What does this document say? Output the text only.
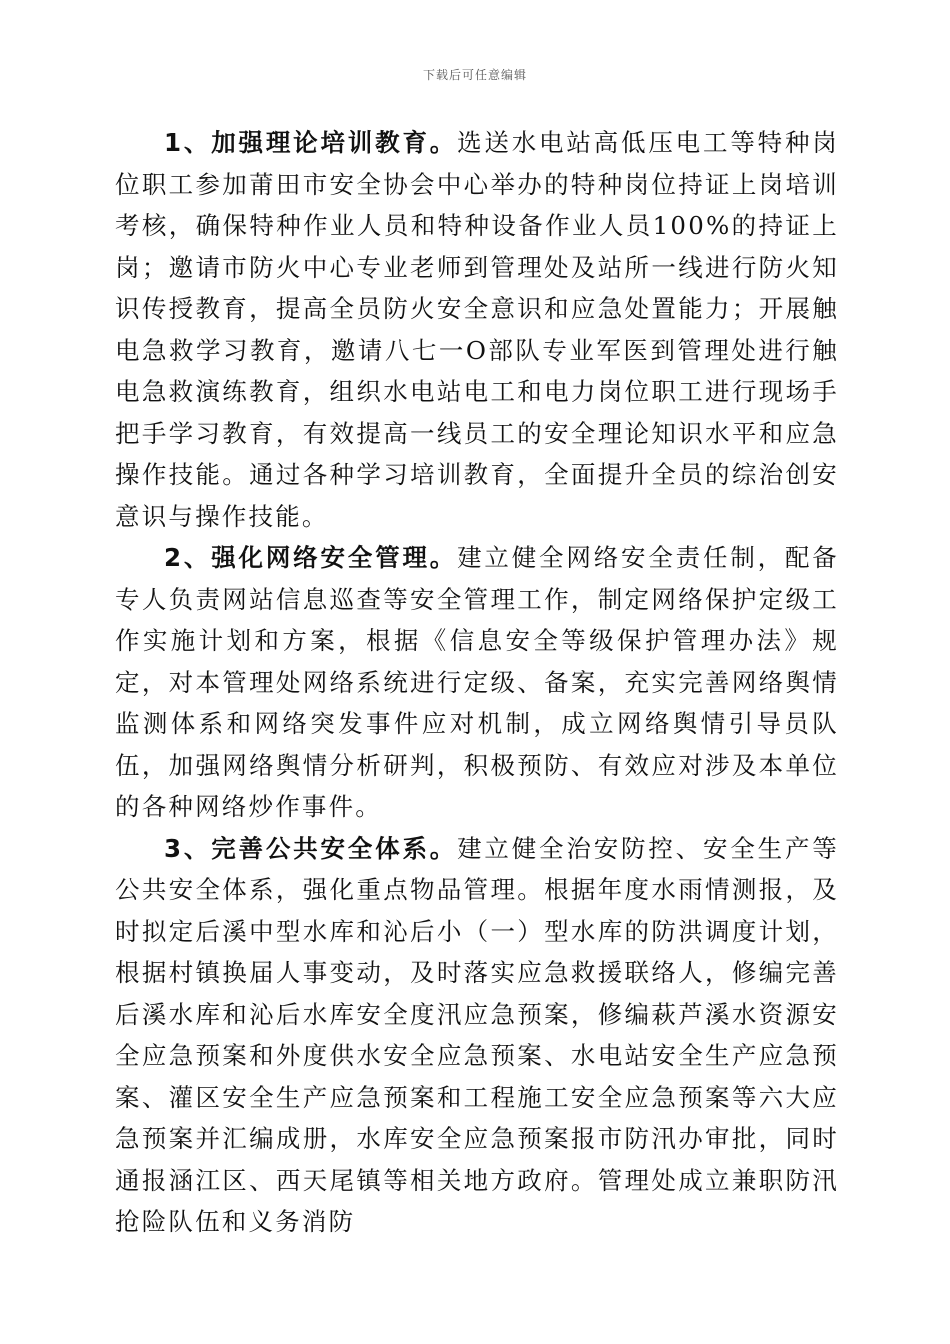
下载后可任意编辑

1、加强理论培训教育。选送水电站高低压电工等特种岗位职工参加莆田市安全协会中心举办的特种岗位持证上岗培训考核，确保特种作业人员和特种设备作业人员100%的持证上岗；邀请市防火中心专业老师到管理处及站所一线进行防火知识传授教育，提高全员防火安全意识和应急处置能力；开展触电急救学习教育，邀请八七一O部队专业军医到管理处进行触电急救演练教育，组织水电站电工和电力岗位职工进行现场手把手学习教育，有效提高一线员工的安全理论知识水平和应急操作技能。通过各种学习培训教育，全面提升全员的综治创安意识与操作技能。

2、强化网络安全管理。建立健全网络安全责任制，配备专人负责网站信息巡查等安全管理工作，制定网络保护定级工作实施计划和方案，根据《信息安全等级保护管理办法》规定，对本管理处网络系统进行定级、备案，充实完善网络舆情监测体系和网络突发事件应对机制，成立网络舆情引导员队伍，加强网络舆情分析研判，积极预防、有效应对涉及本单位的各种网络炒作事件。

3、完善公共安全体系。建立健全治安防控、安全生产等公共安全体系，强化重点物品管理。根据年度水雨情测报，及时拟定后溪中型水库和沁后小（一）型水库的防洪调度计划，根据村镇换届人事变动，及时落实应急救援联络人，修编完善后溪水库和沁后水库安全度汛应急预案，修编萩芦溪水资源安全应急预案和外度供水安全应急预案、水电站安全生产应急预案、灌区安全生产应急预案和工程施工安全应急预案等六大应急预案并汇编成册，水库安全应急预案报市防汛办审批，同时通报涵江区、西天尾镇等相关地方政府。管理处成立兼职防汛抢险队伍和义务消防
